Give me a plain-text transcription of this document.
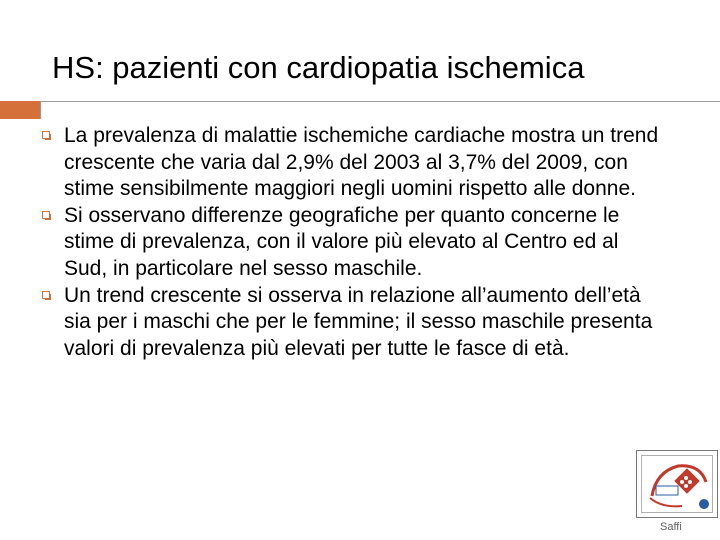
HS: pazienti con cardiopatia ischemica
La prevalenza di malattie ischemiche cardiache mostra un trend crescente che varia dal 2,9% del 2003 al 3,7% del 2009, con stime sensibilmente maggiori negli uomini rispetto alle donne.
Si osservano differenze geografiche per quanto concerne le stime di prevalenza, con il valore più elevato al Centro ed al Sud, in particolare nel sesso maschile.
Un trend crescente si osserva in relazione all’aumento dell’età sia per i maschi che per le femmine; il sesso maschile presenta valori di prevalenza più elevati per tutte le fasce di età.
Saffi
